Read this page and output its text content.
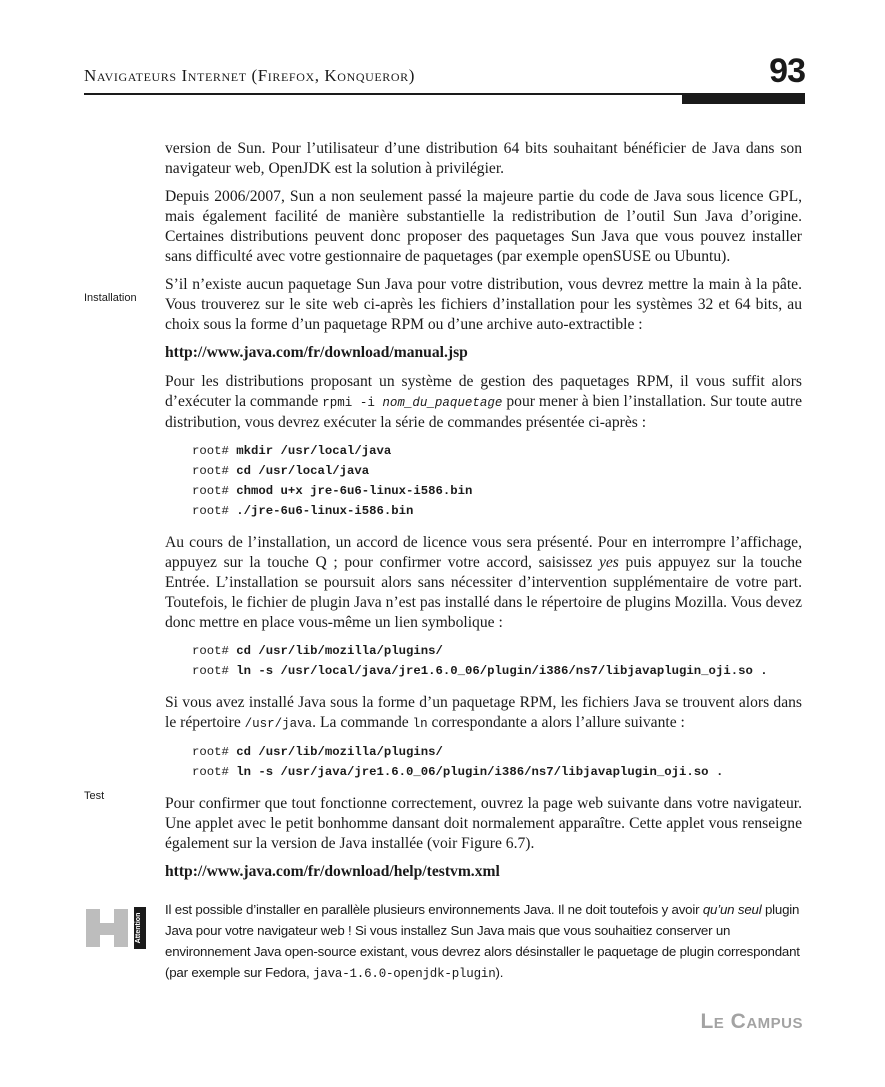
Navigateurs Internet (Firefox, Konqueror)	93
Installation
Test

version de Sun. Pour l’utilisateur d’une distribution 64 bits souhaitant bénéficier de Java dans son navigateur web, OpenJDK est la solution à privilégier.

Depuis 2006/2007, Sun a non seulement passé la majeure partie du code de Java sous licence GPL, mais également facilité de manière substantielle la redistribution de l’outil Sun Java d’origine. Certaines distributions peuvent donc proposer des paquetages Sun Java que vous pouvez installer sans difficulté avec votre gestionnaire de paquetages (par exemple openSUSE ou Ubuntu).

S’il n’existe aucun paquetage Sun Java pour votre distribution, vous devrez mettre la main à la pâte. Vous trouverez sur le site web ci-après les fichiers d’installation pour les systèmes 32 et 64 bits, au choix sous la forme d’un paquetage RPM ou d’une archive auto-extractible :

http://www.java.com/fr/download/manual.jsp

Pour les distributions proposant un système de gestion des paquetages RPM, il vous suffit alors d’exécuter la commande rpmi -i nom_du_paquetage pour mener à bien l’installation. Sur toute autre distribution, vous devrez exécuter la série de commandes présentée ci-après :

root# mkdir /usr/local/java
root# cd /usr/local/java
root# chmod u+x jre-6u6-linux-i586.bin
root# ./jre-6u6-linux-i586.bin

Au cours de l’installation, un accord de licence vous sera présenté. Pour en interrompre l’affichage, appuyez sur la touche Q ; pour confirmer votre accord, saisissez yes puis appuyez sur la touche Entrée. L’installation se poursuit alors sans nécessiter d’intervention supplémentaire de votre part. Toutefois, le fichier de plugin Java n’est pas installé dans le répertoire de plugins Mozilla. Vous devez donc mettre en place vous-même un lien symbolique :

root# cd /usr/lib/mozilla/plugins/
root# ln -s /usr/local/java/jre1.6.0_06/plugin/i386/ns7/libjavaplugin_oji.so .

Si vous avez installé Java sous la forme d’un paquetage RPM, les fichiers Java se trouvent alors dans le répertoire /usr/java. La commande ln correspondante a alors l’allure suivante :

root# cd /usr/lib/mozilla/plugins/
root# ln -s /usr/java/jre1.6.0_06/plugin/i386/ns7/libjavaplugin_oji.so .

Pour confirmer que tout fonctionne correctement, ouvrez la page web suivante dans votre navigateur. Une applet avec le petit bonhomme dansant doit normalement apparaître. Cette applet vous renseigne également sur la version de Java installée (voir Figure 6.7).

http://www.java.com/fr/download/help/testvm.xml

Attention
Il est possible d’installer en parallèle plusieurs environnements Java. Il ne doit toutefois y avoir qu’un seul plugin Java pour votre navigateur web ! Si vous installez Sun Java mais que vous souhaitiez conserver un environnement Java open-source existant, vous devrez alors désinstaller le paquetage de plugin correspondant (par exemple sur Fedora, java-1.6.0-openjdk-plugin).
Le Campus
